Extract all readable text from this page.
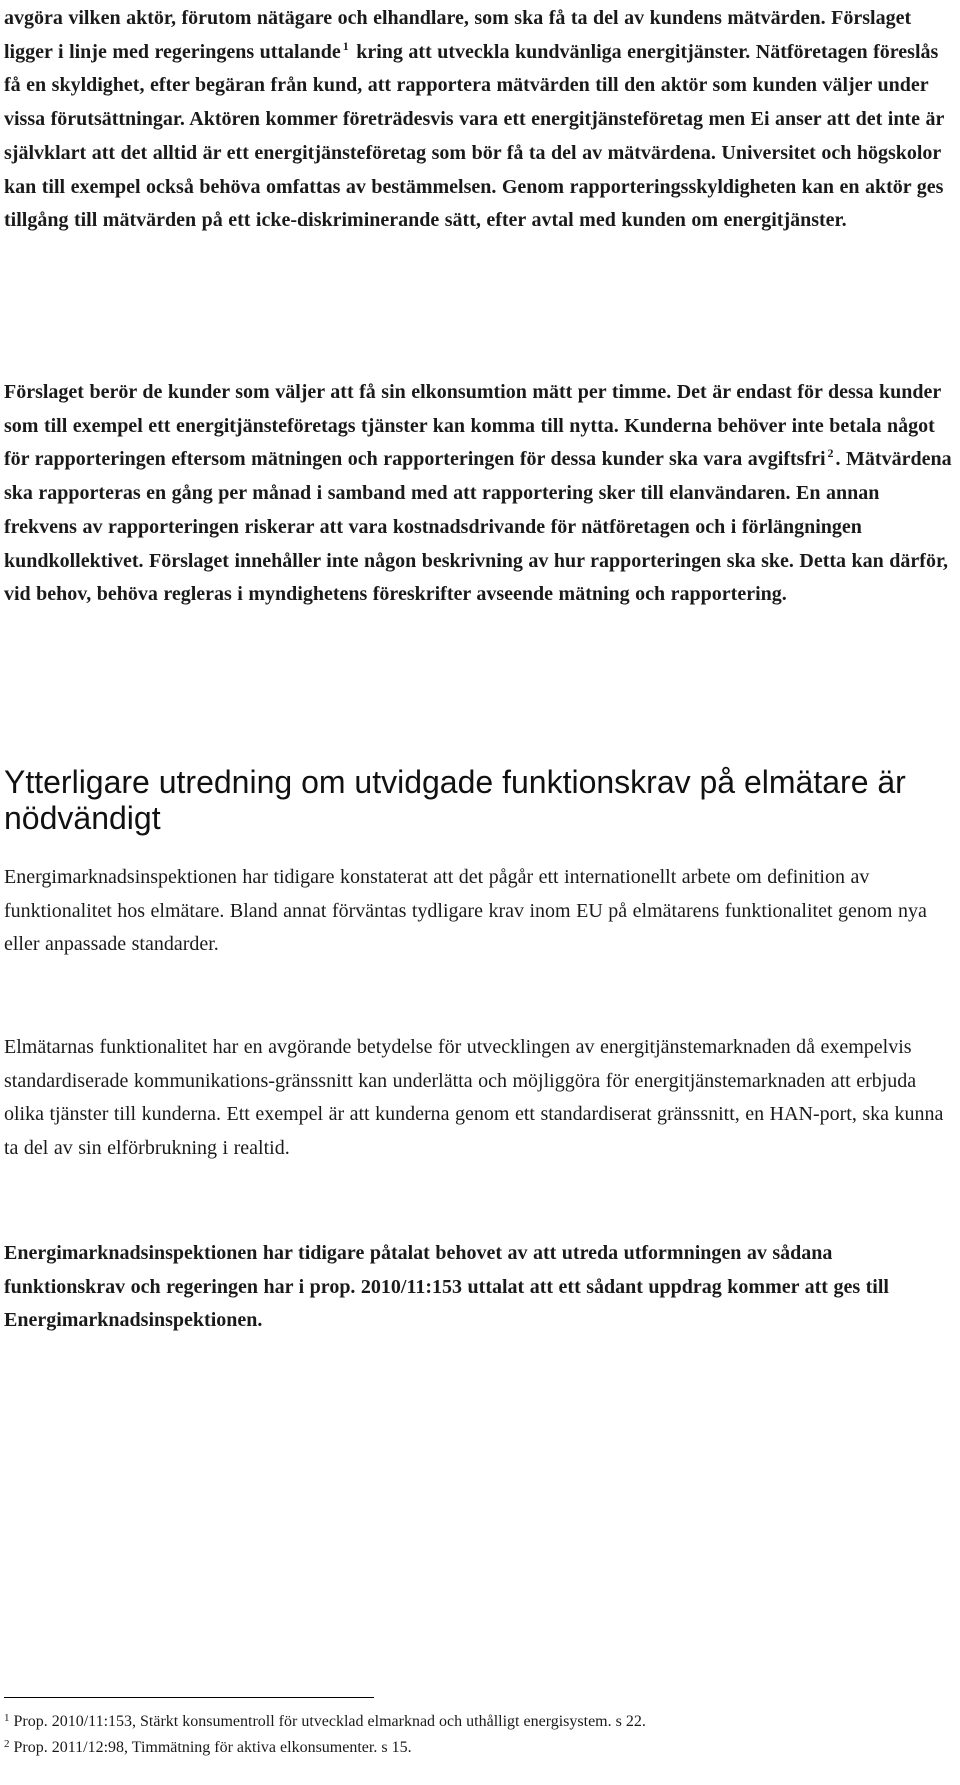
avgöra vilken aktör, förutom nätägare och elhandlare, som ska få ta del av kundens mätvärden. Förslaget ligger i linje med regeringens uttalande $^1$ kring att utveckla kundvänliga energitjänster. Nätföretagen föreslås få en skyldighet, efter begäran från kund, att rapportera mätvärden till den aktör som kunden väljer under vissa förutsättningar. Aktören kommer företrädesvis vara ett energitjänsteföretag men Ei anser att det inte är självklart att det alltid är ett energitjänsteföretag som bör få ta del av mätvärdena. Universitet och högskolor kan till exempel också behöva omfattas av bestämmelsen. Genom rapporteringsskyldigheten kan en aktör ges tillgång till mätvärden på ett icke-diskriminerande sätt, efter avtal med kunden om energitjänster.

Förslaget berör de kunder som väljer att få sin elkonsumtion mätt per timme. Det är endast för dessa kunder som till exempel ett energitjänsteföretags tjänster kan komma till nytta. Kunderna behöver inte betala något för rapporteringen eftersom mätningen och rapporteringen för dessa kunder ska vara avgiftsfri $^2$ . Mätvärdena ska rapporteras en gång per månad i samband med att rapportering sker till elanvändaren. En annan frekvens av rapporteringen riskerar att vara kostnadsdrivande för nätföretagen och i förlängningen kundkollektivet. Förslaget innehåller inte någon beskrivning av hur rapporteringen ska ske. Detta kan därför, vid behov, behöva regleras i myndighetens föreskrifter avseende mätning och rapportering.

Ytterligare utredning om utvidgade funktionskrav på elmätare är nödvändigt

Energimarknadsinspektionen har tidigare konstaterat att det pågår ett internationellt arbete om definition av funktionalitet hos elmätare. Bland annat förväntas tydligare krav inom EU på elmätarens funktionalitet genom nya eller anpassade standarder.

Elmätarnas funktionalitet har en avgörande betydelse för utvecklingen av energitjänstemarknaden då exempelvis standardiserade kommunikations-gränssnitt kan underlätta och möjliggöra för energitjänstemarknaden att erbjuda olika tjänster till kunderna. Ett exempel är att kunderna genom ett standardiserat gränssnitt, en HAN-port, ska kunna ta del av sin elförbrukning i realtid.

Energimarknadsinspektionen har tidigare påtalat behovet av att utreda utformningen av sådana funktionskrav och regeringen har i prop. 2010/11:153 uttalat att ett sådant uppdrag kommer att ges till Energimarknadsinspektionen.

$^1$ Prop. 2010/11:153, Stärkt konsumentroll för utvecklad elmarknad och uthålligt energisystem. s 22.

$^2$ Prop. 2011/12:98, Timmätning för aktiva elkonsumenter. s 15.
